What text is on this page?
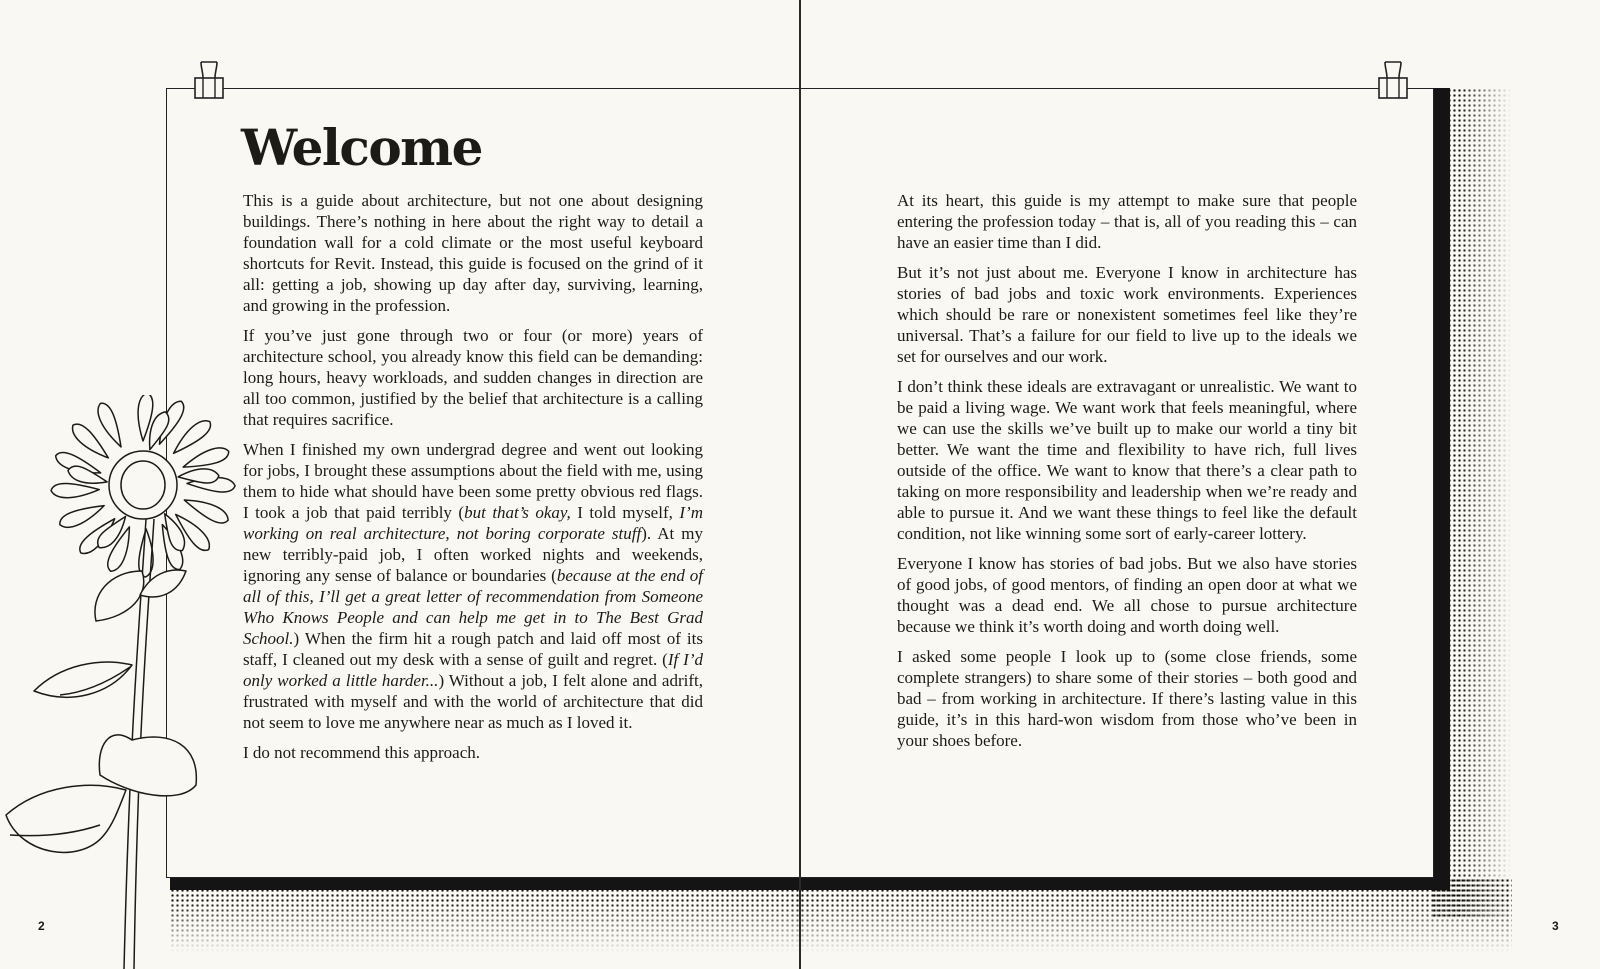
Welcome

This is a guide about architecture, but not one about designing buildings. There’s nothing in here about the right way to detail a foundation wall for a cold climate or the most useful keyboard shortcuts for Revit. Instead, this guide is focused on the grind of it all: getting a job, showing up day after day, surviving, learning, and growing in the profession.

If you’ve just gone through two or four (or more) years of architecture school, you already know this field can be demanding: long hours, heavy workloads, and sudden changes in direction are all too common, justified by the belief that architecture is a calling that requires sacrifice.

When I finished my own undergrad degree and went out looking for jobs, I brought these assumptions about the field with me, using them to hide what should have been some pretty obvious red flags. I took a job that paid terribly (but that’s okay, I told myself, I’m working on real architecture, not boring corporate stuff). At my new terribly-paid job, I often worked nights and weekends, ignoring any sense of balance or boundaries (because at the end of all of this, I’ll get a great letter of recommendation from Someone Who Knows People and can help me get in to The Best Grad School.) When the firm hit a rough patch and laid off most of its staff, I cleaned out my desk with a sense of guilt and regret. (If I’d only worked a little harder...) Without a job, I felt alone and adrift, frustrated with myself and with the world of architecture that did not seem to love me anywhere near as much as I loved it.

I do not recommend this approach.

At its heart, this guide is my attempt to make sure that people entering the profession today – that is, all of you reading this – can have an easier time than I did.

But it’s not just about me. Everyone I know in architecture has stories of bad jobs and toxic work environments. Experiences which should be rare or nonexistent sometimes feel like they’re universal. That’s a failure for our field to live up to the ideals we set for ourselves and our work.

I don’t think these ideals are extravagant or unrealistic. We want to be paid a living wage. We want work that feels meaningful, where we can use the skills we’ve built up to make our world a tiny bit better. We want the time and flexibility to have rich, full lives outside of the office. We want to know that there’s a clear path to taking on more responsibility and leadership when we’re ready and able to pursue it. And we want these things to feel like the default condition, not like winning some sort of early-career lottery.

Everyone I know has stories of bad jobs. But we also have stories of good jobs, of good mentors, of finding an open door at what we thought was a dead end. We all chose to pursue architecture because we think it’s worth doing and worth doing well.

I asked some people I look up to (some close friends, some complete strangers) to share some of their stories – both good and bad – from working in architecture. If there’s lasting value in this guide, it’s in this hard-won wisdom from those who’ve been in your shoes before.

2	3
